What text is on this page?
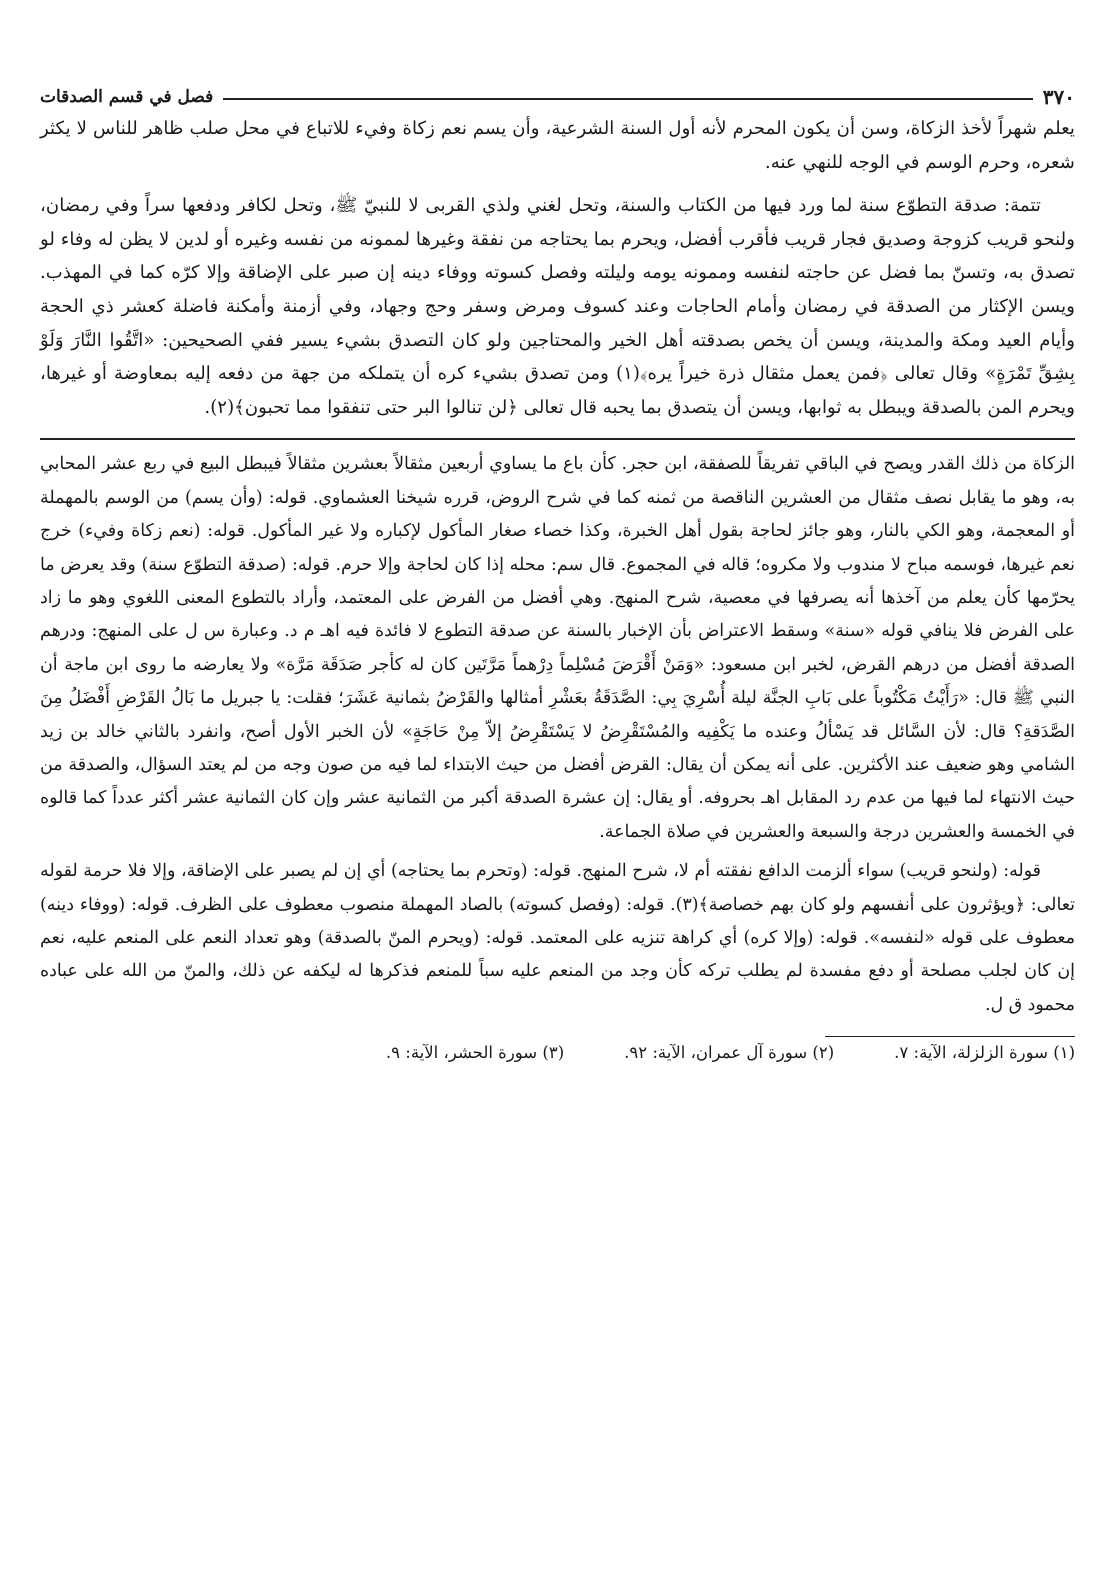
٣٧٠
فصل في قسم الصدقات

يعلم شهراً لأخذ الزكاة، وسن أن يكون المحرم لأنه أول السنة الشرعية، وأن يسم نعم زكاة وفيء للاتباع في محل صلب ظاهر للناس لا يكثر شعره، وحرم الوسم في الوجه للنهي عنه.

تتمة: صدقة التطوّع سنة لما ورد فيها من الكتاب والسنة، وتحل لغني ولذي القربى لا للنبيّ ﷺ، وتحل لكافر ودفعها سراً وفي رمضان، ولنحو قريب كزوجة وصديق فجار قريب فأقرب أفضل، ويحرم بما يحتاجه من نفقة وغيرها لممونه من نفسه وغيره أو لدين لا يظن له وفاء لو تصدق به، وتسنّ بما فضل عن حاجته لنفسه وممونه يومه وليلته وفصل كسوته ووفاء دينه إن صبر على الإضاقة وإلا كرّه كما في المهذب. ويسن الإكثار من الصدقة في رمضان وأمام الحاجات وعند كسوف ومرض وسفر وحج وجهاد، وفي أزمنة وأمكنة فاضلة كعشر ذي الحجة وأيام العيد ومكة والمدينة، ويسن أن يخص بصدقته أهل الخير والمحتاجين ولو كان التصدق بشيء يسير ففي الصحيحين: «اتَّقُوا النَّارَ وَلَوْ بِشِقِّ تَمْرَةٍ» وقال تعالى ﴿فمن يعمل مثقال ذرة خيراً يره﴾(١) ومن تصدق بشيء كره أن يتملكه من جهة من دفعه إليه بمعاوضة أو غيرها، ويحرم المن بالصدقة ويبطل به ثوابها، ويسن أن يتصدق بما يحبه قال تعالى ﴿لن تنالوا البر حتى تنفقوا مما تحبون﴾(٢).

الزكاة من ذلك القدر ويصح في الباقي تفريقاً للصفقة، ابن حجر. كأن باع ما يساوي أربعين مثقالاً بعشرين مثقالاً فيبطل البيع في ربع عشر المحابي به، وهو ما يقابل نصف مثقال من العشرين الناقصة من ثمنه كما في شرح الروض، قرره شيخنا العشماوي. قوله: (وأن يسم) من الوسم بالمهملة أو المعجمة، وهو الكي بالنار، وهو جائز لحاجة بقول أهل الخبرة، وكذا خصاء صغار المأكول لإكباره ولا غير المأكول. قوله: (نعم زكاة وفيء) خرج نعم غيرها، فوسمه مباح لا مندوب ولا مكروه؛ قاله في المجموع. قال سم: محله إذا كان لحاجة وإلا حرم. قوله: (صدقة التطوّع سنة) وقد يعرض ما يحرّمها كأن يعلم من آخذها أنه يصرفها في معصية، شرح المنهج. وهي أفضل من الفرض على المعتمد، وأراد بالتطوع المعنى اللغوي وهو ما زاد على الفرض فلا ينافي قوله «سنة» وسقط الاعتراض بأن الإخبار بالسنة عن صدقة التطوع لا فائدة فيه اهـ م د. وعبارة س ل على المنهج: ودرهم الصدقة أفضل من درهم القرض، لخبر ابن مسعود: «وَمَنْ أَقْرَضَ مُسْلِماً دِرْهماً مَرَّتَين كان له كأجر صَدَقَة مَرَّة» ولا يعارضه ما روى ابن ماجة أن النبي ﷺ قال: «رَأَيْتُ مَكْتُوباً على بَابِ الجنَّة ليلة أُسْرِيَ بِي: الصَّدَقَةُ بعَشْرِ أمثالها والقَرْضُ بثمانية عَشَرَ؛ فقلت: يا جبريل ما بَالُ القَرْضِ أَفْضَلُ مِنَ الصَّدَقةِ؟ قال: لأن السَّائل قد يَسْألُ وعنده ما يَكْفِيه والمُسْتَقْرِضُ لا يَسْتَقْرِضُ إلاّ مِنْ حَاجَةٍ» لأن الخبر الأول أصح، وانفرد بالثاني خالد بن زيد الشامي وهو ضعيف عند الأكثرين. على أنه يمكن أن يقال: القرض أفضل من حيث الابتداء لما فيه من صون وجه من لم يعتد السؤال، والصدقة من حيث الانتهاء لما فيها من عدم رد المقابل اهـ بحروفه. أو يقال: إن عشرة الصدقة أكبر من الثمانية عشر وإن كان الثمانية عشر أكثر عدداً كما قالوه في الخمسة والعشرين درجة والسبعة والعشرين في صلاة الجماعة.

قوله: (ولنحو قريب) سواء ألزمت الدافع نفقته أم لا، شرح المنهج. قوله: (وتحرم بما يحتاجه) أي إن لم يصبر على الإضاقة، وإلا فلا حرمة لقوله تعالى: ﴿ويؤثرون على أنفسهم ولو كان بهم خصاصة﴾(٣). قوله: (وفصل كسوته) بالصاد المهملة منصوب معطوف على الظرف. قوله: (ووفاء دينه) معطوف على قوله «لنفسه». قوله: (وإلا كره) أي كراهة تنزيه على المعتمد. قوله: (ويحرم المنّ بالصدقة) وهو تعداد النعم على المنعم عليه، نعم إن كان لجلب مصلحة أو دفع مفسدة لم يطلب تركه كأن وجد من المنعم عليه سباً للمنعم فذكرها له ليكفه عن ذلك، والمنّ من الله على عباده محمود ق ل.

(١) سورة الزلزلة، الآية: ٧.
(٢) سورة آل عمران، الآية: ٩٢.
(٣) سورة الحشر، الآية: ٩.
